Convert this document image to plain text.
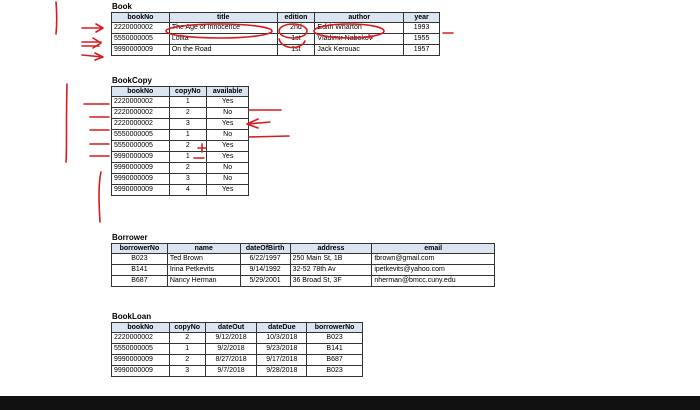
Book
bookNo	title	edition	author	year
2220000002	The Age of Innocence	2nd	Edith Wharton	1993
5550000005	Lolita	1st	Vladimir Nabokov	1955
9990000009	On the Road	1st	Jack Kerouac	1957
BookCopy
bookNo	copyNo	available
2220000002	1	Yes
2220000002	2	No
2220000002	3	Yes
5550000005	1	No
5550000005	2	Yes
9990000009	1	Yes
9990000009	2	No
9990000009	3	No
9990000009	4	Yes
Borrower
borrowerNo	name	dateOfBirth	address	email
B023	Ted Brown	6/22/1997	250 Main St, 1B	tbrown@gmail.com
B141	Irina Petkevits	9/14/1992	32-52 78th Av	ipetkevits@yahoo.com
B687	Nancy Herman	5/29/2001	36 Broad St, 3F	nherman@bmcc.cuny.edu
BookLoan
bookNo	copyNo	dateOut	dateDue	borrowerNo
2220000002	2	9/12/2018	10/3/2018	B023
5550000005	1	9/2/2018	9/23/2018	B141
9990000009	2	8/27/2018	9/17/2018	B687
9990000009	3	9/7/2018	9/28/2018	B023
